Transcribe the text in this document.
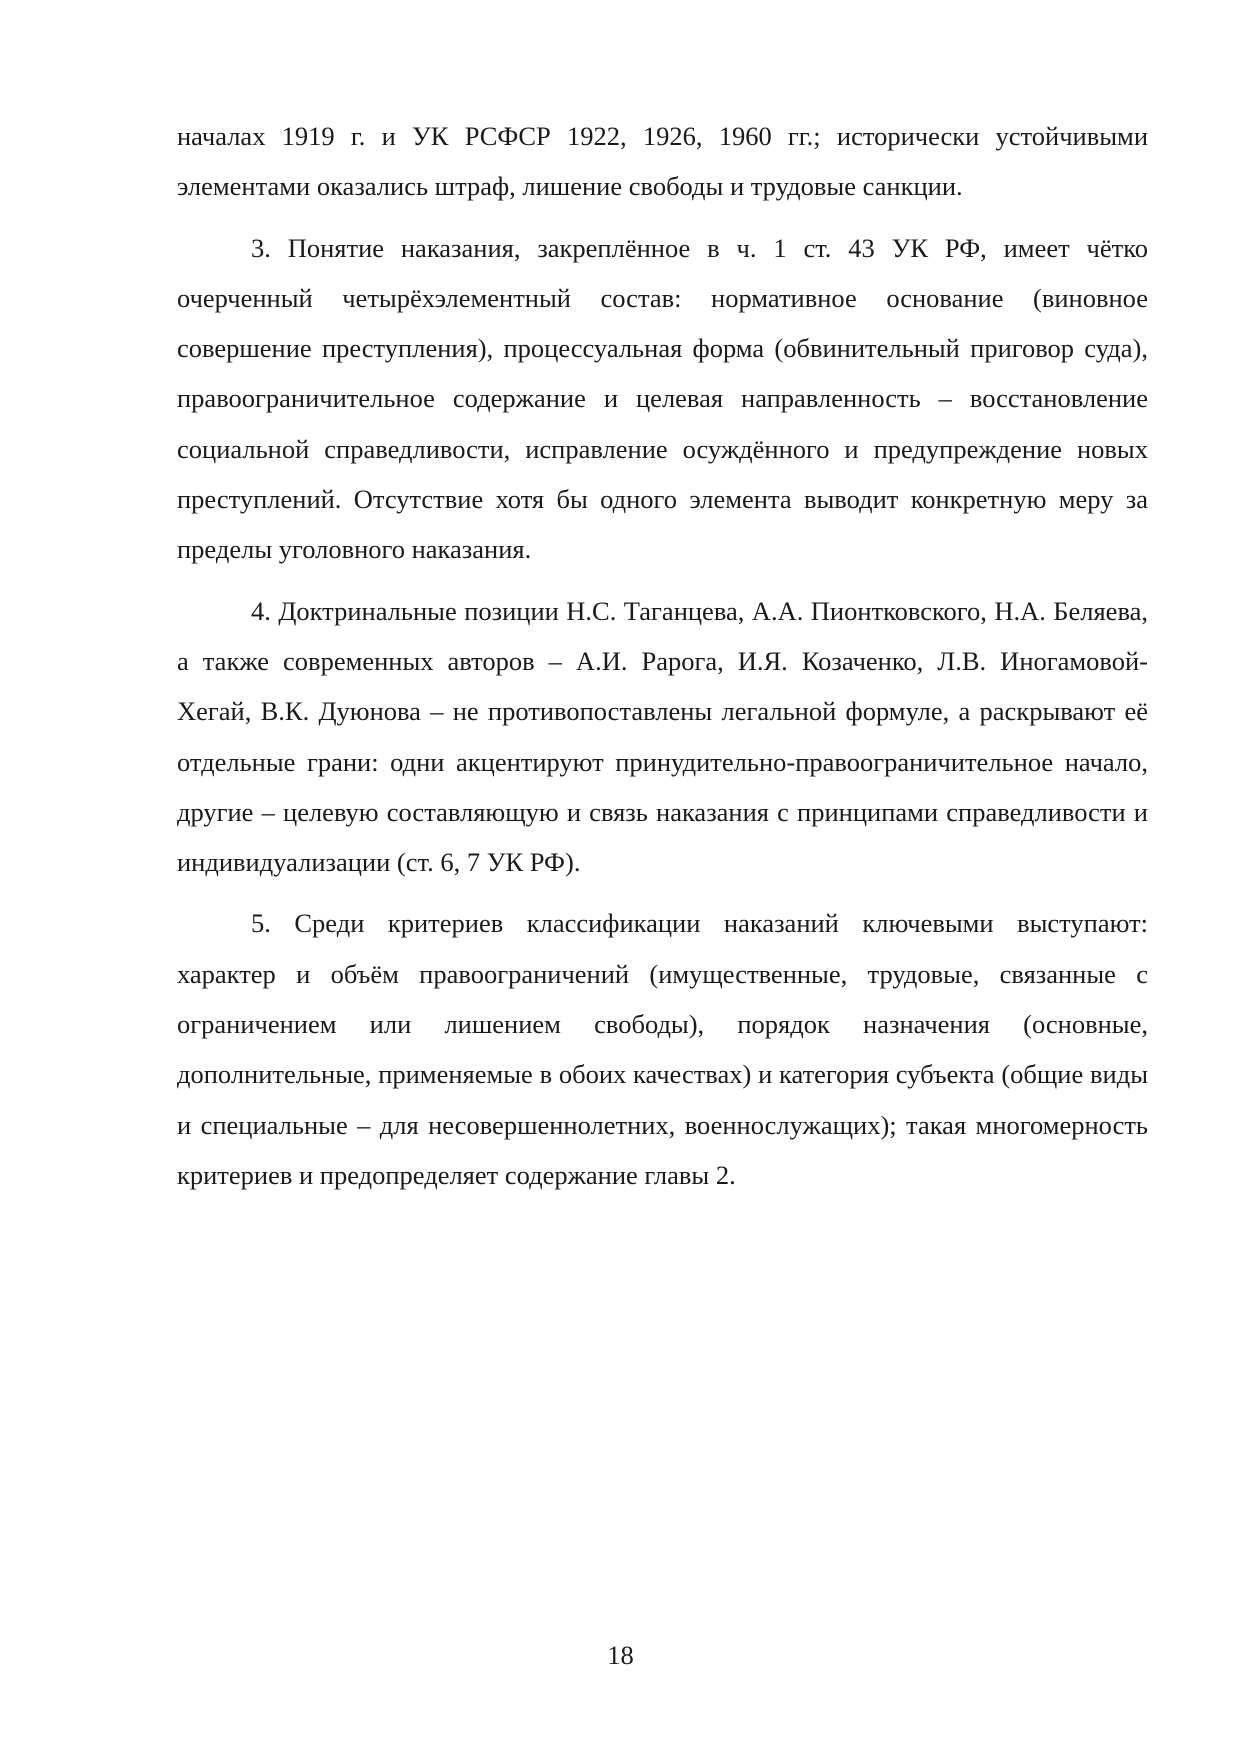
началах 1919 г. и УК РСФСР 1922, 1926, 1960 гг.; исторически устойчивыми элементами оказались штраф, лишение свободы и трудовые санкции.

3. Понятие наказания, закреплённое в ч. 1 ст. 43 УК РФ, имеет чётко очерченный четырёхэлементный состав: нормативное основание (виновное совершение преступления), процессуальная форма (обвинительный приговор суда), правоограничительное содержание и целевая направленность – восстановление социальной справедливости, исправление осуждённого и предупреждение новых преступлений. Отсутствие хотя бы одного элемента выводит конкретную меру за пределы уголовного наказания.

4. Доктринальные позиции Н.С. Таганцева, А.А. Пионтковского, Н.А. Беляева, а также современных авторов – А.И. Рарога, И.Я. Козаченко, Л.В. Иногамовой-Хегай, В.К. Дуюнова – не противопоставлены легальной формуле, а раскрывают её отдельные грани: одни акцентируют принудительно-правоограничительное начало, другие – целевую составляющую и связь наказания с принципами справедливости и индивидуализации (ст. 6, 7 УК РФ).

5. Среди критериев классификации наказаний ключевыми выступают: характер и объём правоограничений (имущественные, трудовые, связанные с ограничением или лишением свободы), порядок назначения (основные, дополнительные, применяемые в обоих качествах) и категория субъекта (общие виды и специальные – для несовершеннолетних, военнослужащих); такая многомерность критериев и предопределяет содержание главы 2.

18
